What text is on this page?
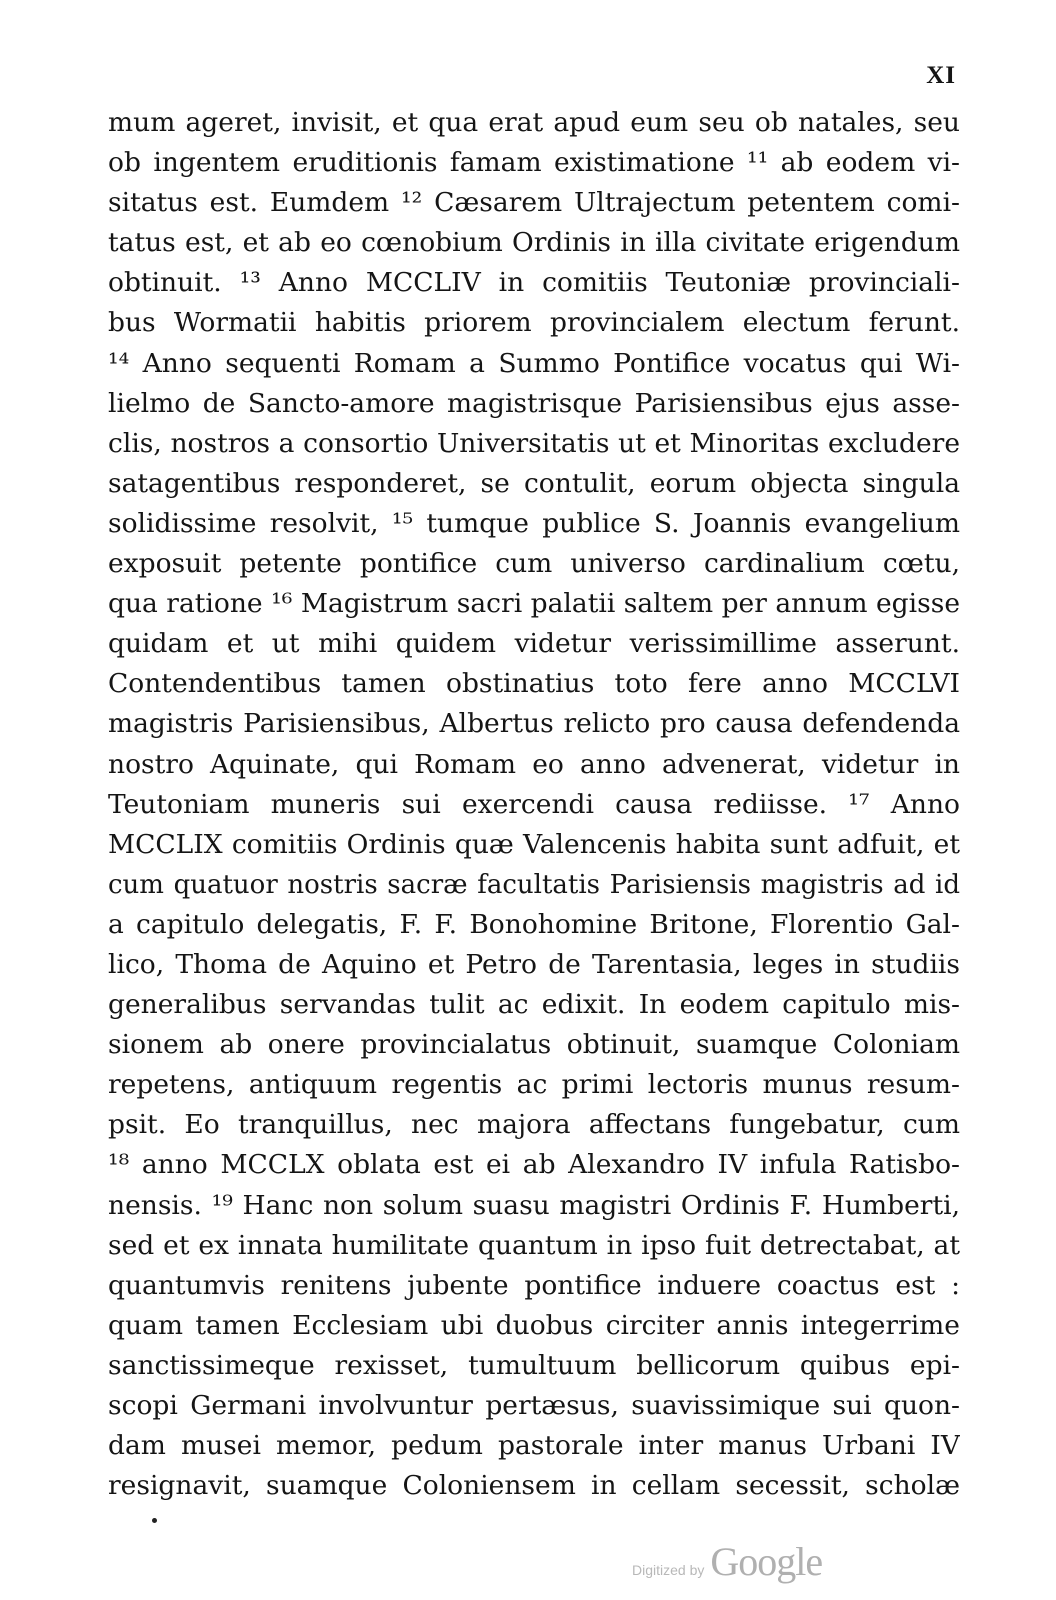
XI
mum ageret, invisit, et qua erat apud eum seu ob natales, seu
ob ingentem eruditionis famam existimatione ¹¹ ab eodem vi-
sitatus est. Eumdem ¹² Cæsarem Ultrajectum petentem comi-
tatus est, et ab eo cœnobium Ordinis in illa civitate erigendum
obtinuit. ¹³ Anno MCCLIV in comitiis Teutoniæ provinciali-
bus Wormatii habitis priorem provincialem electum ferunt.
¹⁴ Anno sequenti Romam a Summo Pontifice vocatus qui Wi-
lielmo de Sancto-amore magistrisque Parisiensibus ejus asse-
clis, nostros a consortio Universitatis ut et Minoritas excludere
satagentibus responderet, se contulit, eorum objecta singula
solidissime resolvit, ¹⁵ tumque publice S. Joannis evangelium
exposuit petente pontifice cum universo cardinalium cœtu,
qua ratione ¹⁶ Magistrum sacri palatii saltem per annum egisse
quidam et ut mihi quidem videtur verissimillime asserunt.
Contendentibus tamen obstinatius toto fere anno MCCLVI
magistris Parisiensibus, Albertus relicto pro causa defendenda
nostro Aquinate, qui Romam eo anno advenerat, videtur in
Teutoniam muneris sui exercendi causa rediisse. ¹⁷ Anno
MCCLIX comitiis Ordinis quæ Valencenis habita sunt adfuit, et
cum quatuor nostris sacræ facultatis Parisiensis magistris ad id
a capitulo delegatis, F. F. Bonohomine Britone, Florentio Gal-
lico, Thoma de Aquino et Petro de Tarentasia, leges in studiis
generalibus servandas tulit ac edixit. In eodem capitulo mis-
sionem ab onere provincialatus obtinuit, suamque Coloniam
repetens, antiquum regentis ac primi lectoris munus resum-
psit. Eo tranquillus, nec majora affectans fungebatur, cum
¹⁸ anno MCCLX oblata est ei ab Alexandro IV infula Ratisbo-
nensis. ¹⁹ Hanc non solum suasu magistri Ordinis F. Humberti,
sed et ex innata humilitate quantum in ipso fuit detrectabat, at
quantumvis renitens jubente pontifice induere coactus est :
quam tamen Ecclesiam ubi duobus circiter annis integerrime
sanctissimeque rexisset, tumultuum bellicorum quibus epi-
scopi Germani involvuntur pertæsus, suavissimique sui quon-
dam musei memor, pedum pastorale inter manus Urbani IV
resignavit, suamque Coloniensem in cellam secessit, scholæ
Digitized by Google
